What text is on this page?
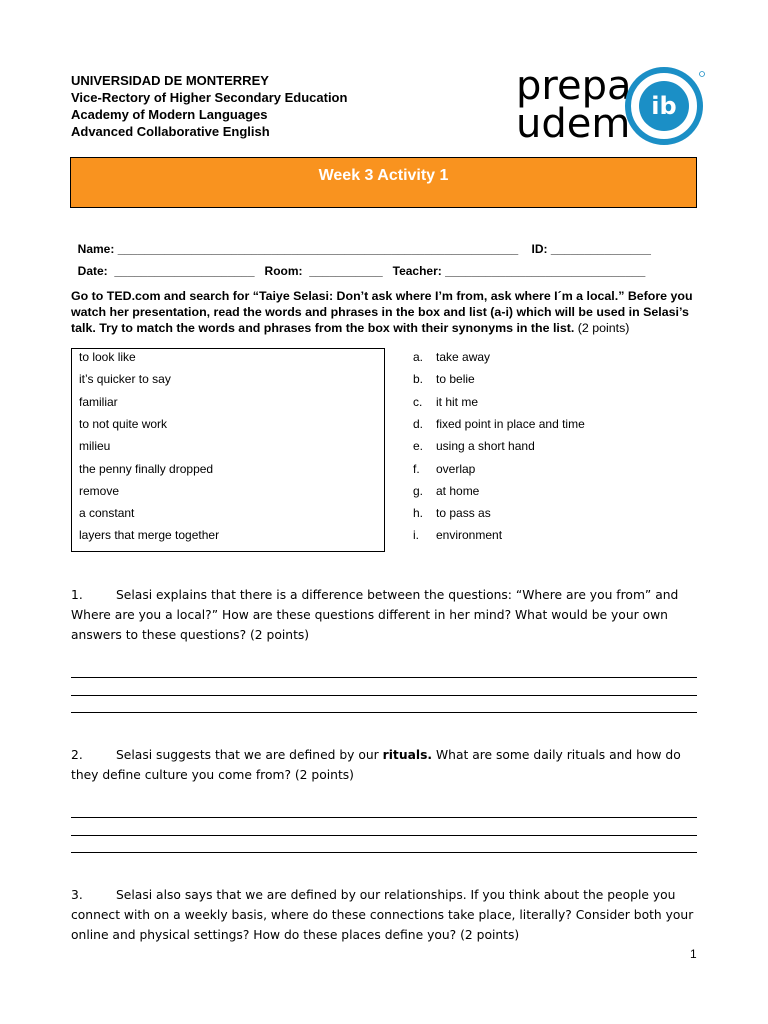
UNIVERSIDAD DE MONTERREY
Vice-Rectory of Higher Secondary Education
Academy of Modern Languages
Advanced Collaborative English
prepa
udem ib
Week 3 Activity 1

Name: ____________________________________________________________ ID: _______________

Date: _____________________ Room: ___________ Teacher: ______________________________

Go to TED.com and search for “Taiye Selasi: Don’t ask where I’m from, ask where I´m a local.” Before you watch her presentation, read the words and phrases in the box and list (a-i) which will be used in Selasi’s talk. Try to match the words and phrases from the box with their synonyms in the list. (2 points)
to look like
it’s quicker to say
familiar
to not quite work
milieu
the penny finally dropped
remove
a constant
layers that merge together
a. take away
b. to belie
c. it hit me
d. fixed point in place and time
e. using a short hand
f. overlap
g. at home
h. to pass as
i. environment
1.	Selasi explains that there is a difference between the questions: “Where are you from” and Where are you a local?” How are these questions different in her mind? What would be your own answers to these questions? (2 points)
2.	Selasi suggests that we are defined by our rituals. What are some daily rituals and how do they define culture you come from? (2 points)
3.	Selasi also says that we are defined by our relationships. If you think about the people you connect with on a weekly basis, where do these connections take place, literally? Consider both your online and physical settings? How do these places define you? (2 points)
1
